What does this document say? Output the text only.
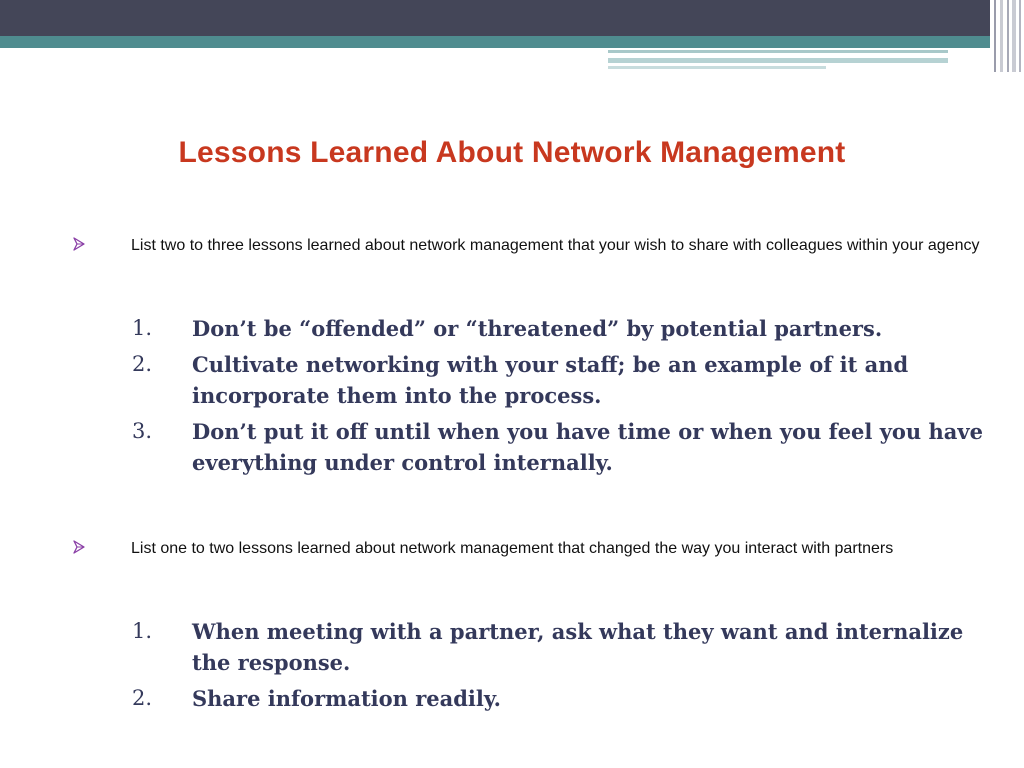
Lessons Learned About Network Management
List two to three lessons learned about network management that your wish to share with colleagues within your agency
1. Don’t be “offended” or “threatened” by potential partners.
2. Cultivate networking with your staff; be an example of it and incorporate them into the process.
3. Don’t put it off until when you have time or when you feel you have everything under control internally.
List one to two lessons learned about network management that changed the way you interact with partners
1. When meeting with a partner, ask what they want and internalize the response.
2. Share information readily.
